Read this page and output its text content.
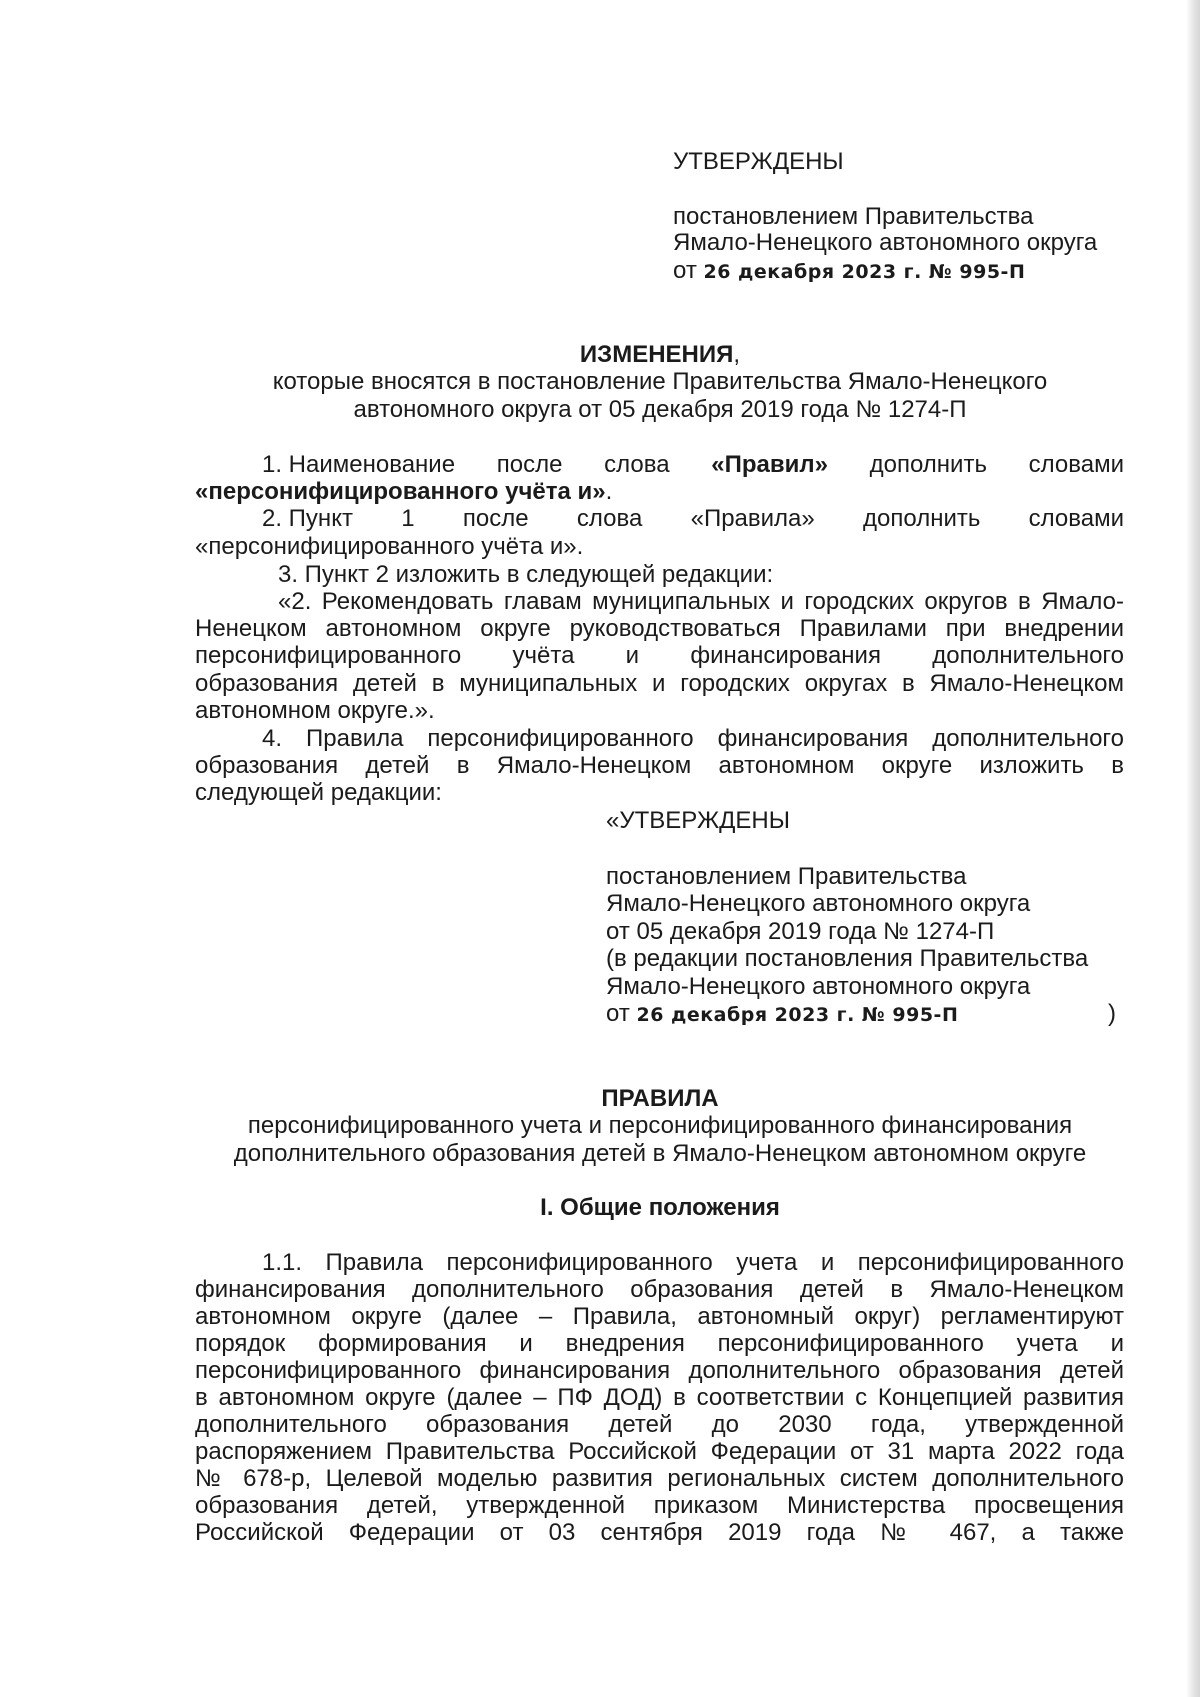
УТВЕРЖДЕНЫ

постановлением Правительства

Ямало-Ненецкого автономного округа

от 26 декабря 2023 г. № 995-П

ИЗМЕНЕНИЯ,

которые вносятся в постановление Правительства Ямало-Ненецкого

автономного округа от 05 декабря 2019 года № 1274-П

1. Наименование после слова «Правил» дополнить словами

«персонифицированного учёта и».

2. Пункт 1 после слова «Правила» дополнить словами

«персонифицированного учёта и».

3. Пункт 2 изложить в следующей редакции:

«2. Рекомендовать главам муниципальных и городских округов в Ямало-

Ненецком автономном округе руководствоваться Правилами при внедрении

персонифицированного учёта и финансирования дополнительного

образования детей в муниципальных и городских округах в Ямало-Ненецком

автономном округе.».

4. Правила персонифицированного финансирования дополнительного

образования детей в Ямало-Ненецком автономном округе изложить в

следующей редакции:

«УТВЕРЖДЕНЫ

постановлением Правительства

Ямало-Ненецкого автономного округа

от 05 декабря 2019 года № 1274-П

(в редакции постановления Правительства

Ямало-Ненецкого автономного округа

от 26 декабря 2023 г. № 995-П	)

ПРАВИЛА

персонифицированного учета и персонифицированного финансирования

дополнительного образования детей в Ямало-Ненецком автономном округе

I. Общие положения

1.1. Правила персонифицированного учета и персонифицированного

финансирования дополнительного образования детей в Ямало-Ненецком

автономном округе (далее – Правила, автономный округ) регламентируют

порядок формирования и внедрения персонифицированного учета и

персонифицированного финансирования дополнительного образования детей

в автономном округе (далее – ПФ ДОД) в соответствии с Концепцией развития

дополнительного образования детей до 2030 года, утвержденной

распоряжением Правительства Российской Федерации от 31 марта 2022 года

№ 678-р, Целевой моделью развития региональных систем дополнительного

образования детей, утвержденной приказом Министерства просвещения

Российской Федерации от 03 сентября 2019 года № 467, а также
